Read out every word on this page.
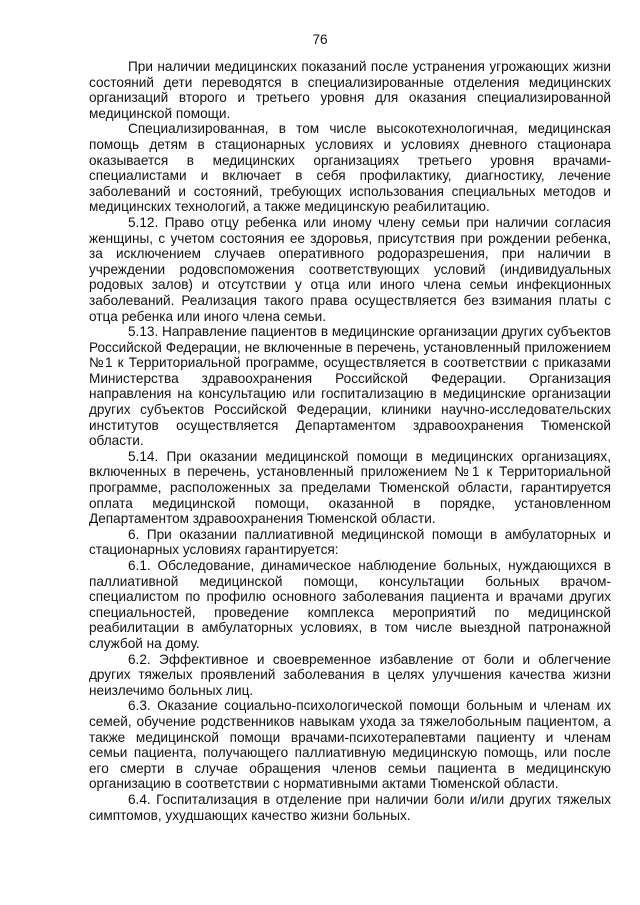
76

При наличии медицинских показаний после устранения угрожающих жизни состояний дети переводятся в специализированные отделения медицинских организаций второго и третьего уровня для оказания специализированной медицинской помощи.

Специализированная, в том числе высокотехнологичная, медицинская помощь детям в стационарных условиях и условиях дневного стационара оказывается в медицинских организациях третьего уровня врачами-специалистами и включает в себя профилактику, диагностику, лечение заболеваний и состояний, требующих использования специальных методов и медицинских технологий, а также медицинскую реабилитацию.

5.12. Право отцу ребенка или иному члену семьи при наличии согласия женщины, с учетом состояния ее здоровья, присутствия при рождении ребенка, за исключением случаев оперативного родоразрешения, при наличии в учреждении родовспоможения соответствующих условий (индивидуальных родовых залов) и отсутствии у отца или иного члена семьи инфекционных заболеваний. Реализация такого права осуществляется без взимания платы с отца ребенка или иного члена семьи.

5.13. Направление пациентов в медицинские организации других субъектов Российской Федерации, не включенные в перечень, установленный приложением №1 к Территориальной программе, осуществляется в соответствии с приказами Министерства здравоохранения Российской Федерации. Организация направления на консультацию или госпитализацию в медицинские организации других субъектов Российской Федерации, клиники научно-исследовательских институтов осуществляется Департаментом здравоохранения Тюменской области.

5.14. При оказании медицинской помощи в медицинских организациях, включенных в перечень, установленный приложением №1 к Территориальной программе, расположенных за пределами Тюменской области, гарантируется оплата медицинской помощи, оказанной в порядке, установленном Департаментом здравоохранения Тюменской области.

6. При оказании паллиативной медицинской помощи в амбулаторных и стационарных условиях гарантируется:

6.1. Обследование, динамическое наблюдение больных, нуждающихся в паллиативной медицинской помощи, консультации больных врачом-специалистом по профилю основного заболевания пациента и врачами других специальностей, проведение комплекса мероприятий по медицинской реабилитации в амбулаторных условиях, в том числе выездной патронажной службой на дому.

6.2. Эффективное и своевременное избавление от боли и облегчение других тяжелых проявлений заболевания в целях улучшения качества жизни неизлечимо больных лиц.

6.3. Оказание социально-психологической помощи больным и членам их семей, обучение родственников навыкам ухода за тяжелобольным пациентом, а также медицинской помощи врачами-психотерапевтами пациенту и членам семьи пациента, получающего паллиативную медицинскую помощь, или после его смерти в случае обращения членов семьи пациента в медицинскую организацию в соответствии с нормативными актами Тюменской области.

6.4. Госпитализация в отделение при наличии боли и/или других тяжелых симптомов, ухудшающих качество жизни больных.
